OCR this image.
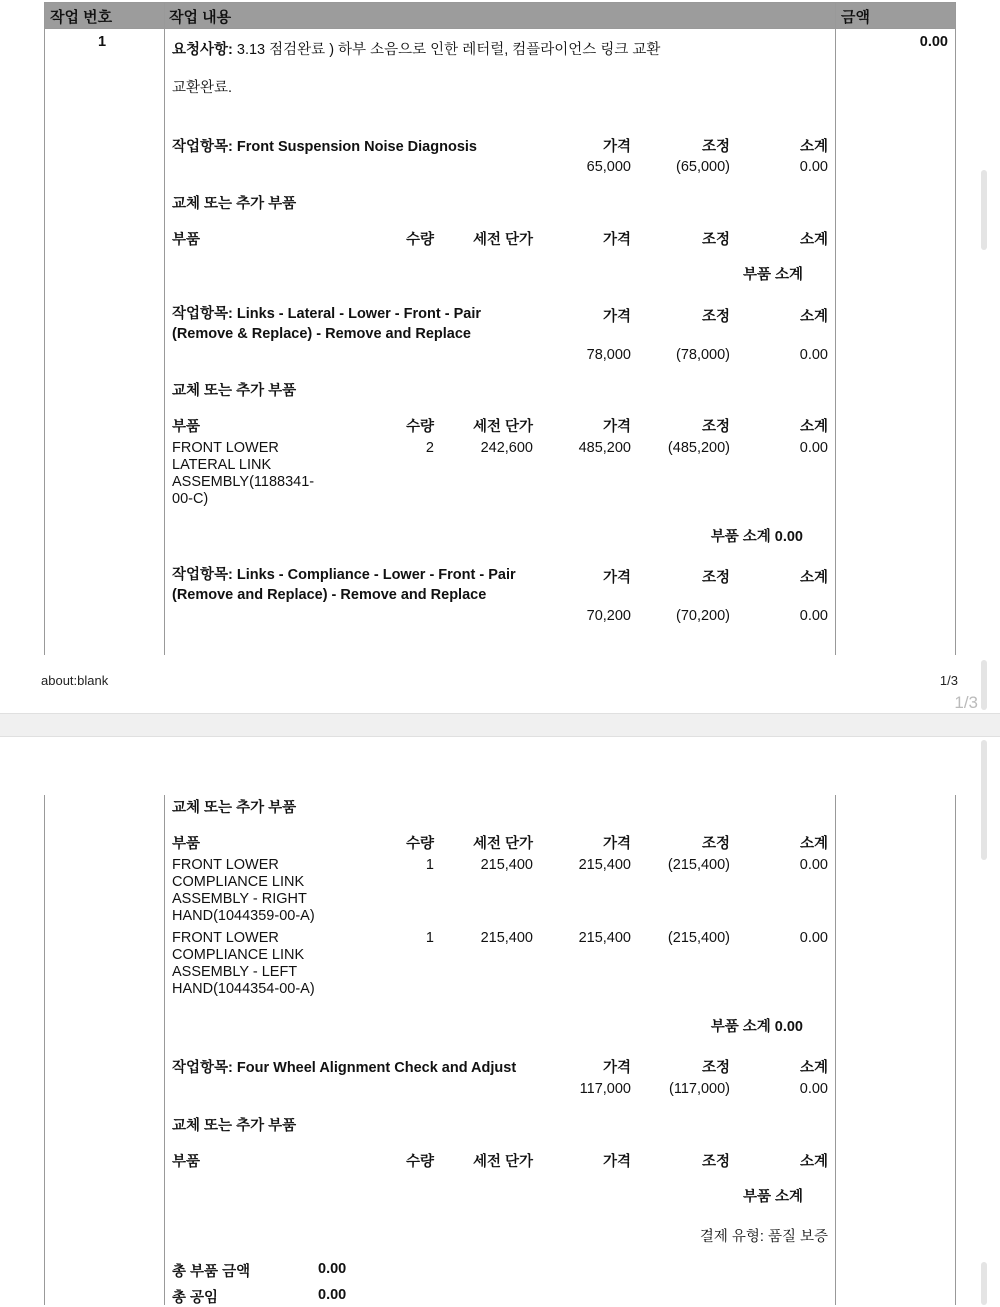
작업 번호	작업 내용	금액
1	0.00
요청사항: 3.13 점검완료 ) 하부 소음으로 인한 레터럴, 컴플라이언스 링크 교환
교환완료.
작업항목: Front Suspension Noise Diagnosis	가격	조정	소계
65,000	(65,000)	0.00
교체 또는 추가 부품
부품	수량	세전 단가	가격	조정	소계
부품 소계
작업항목: Links - Lateral - Lower - Front - Pair
(Remove & Replace) - Remove and Replace
가격	조정	소계
78,000	(78,000)	0.00
교체 또는 추가 부품
부품	수량	세전 단가	가격	조정	소계
FRONT LOWER
LATERAL LINK
ASSEMBLY(1188341-
00-C)
2	242,600	485,200	(485,200)	0.00
부품 소계 0.00
작업항목: Links - Compliance - Lower - Front - Pair
(Remove and Replace) - Remove and Replace
가격	조정	소계
70,200	(70,200)	0.00
about:blank	1/3
1/3
교체 또는 추가 부품
부품	수량	세전 단가	가격	조정	소계
FRONT LOWER
COMPLIANCE LINK
ASSEMBLY - RIGHT
HAND(1044359-00-A)
1	215,400	215,400	(215,400)	0.00
FRONT LOWER
COMPLIANCE LINK
ASSEMBLY - LEFT
HAND(1044354-00-A)
1	215,400	215,400	(215,400)	0.00
부품 소계 0.00
작업항목: Four Wheel Alignment Check and Adjust	가격	조정	소계
117,000	(117,000)	0.00
교체 또는 추가 부품
부품	수량	세전 단가	가격	조정	소계
부품 소계
결제 유형: 품질 보증
총 부품 금액	0.00
총 공임	0.00
